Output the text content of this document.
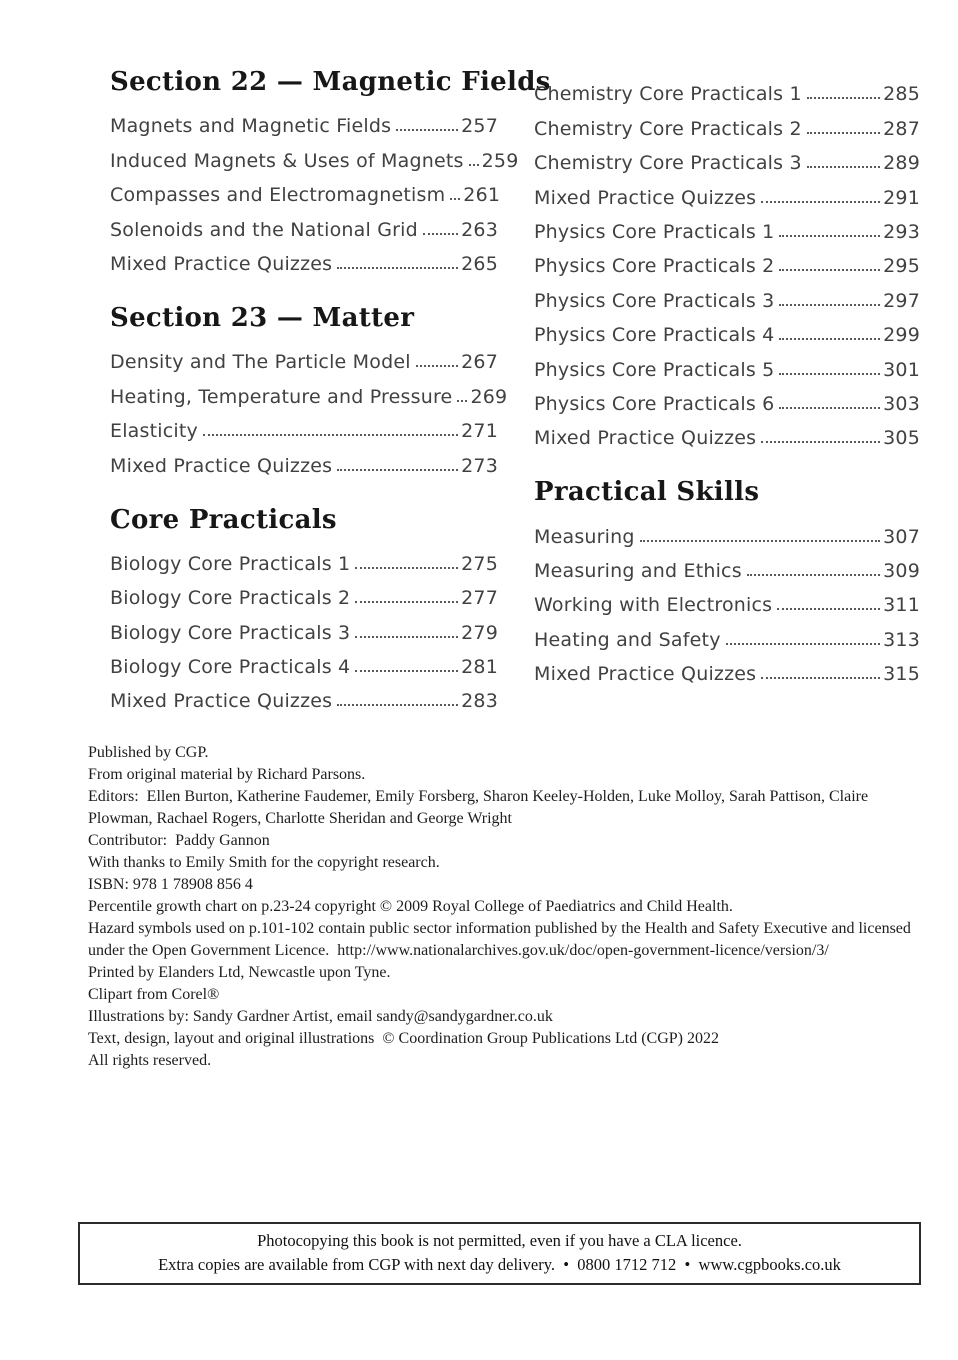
Section 22 — Magnetic Fields
Magnets and Magnetic Fields	257
Induced Magnets & Uses of Magnets 259
Compasses and Electromagnetism 261
Solenoids and the National Grid 263
Mixed Practice Quizzes	265
Section 23 — Matter
Density and The Particle Model	267
Heating, Temperature and Pressure 269
Elasticity	271
Mixed Practice Quizzes	273
Core Practicals
Biology Core Practicals 1	275
Biology Core Practicals 2	277
Biology Core Practicals 3	279
Biology Core Practicals 4	281
Mixed Practice Quizzes	283
Chemistry Core Practicals 1	285
Chemistry Core Practicals 2	287
Chemistry Core Practicals 3	289
Mixed Practice Quizzes	291
Physics Core Practicals 1	293
Physics Core Practicals 2	295
Physics Core Practicals 3	297
Physics Core Practicals 4	299
Physics Core Practicals 5	301
Physics Core Practicals 6	303
Mixed Practice Quizzes	305
Practical Skills
Measuring	307
Measuring and Ethics	309
Working with Electronics	311
Heating and Safety	313
Mixed Practice Quizzes	315

Published by CGP.

From original material by Richard Parsons.

Editors:  Ellen Burton, Katherine Faudemer, Emily Forsberg, Sharon Keeley-Holden, Luke Molloy, Sarah Pattison, Claire Plowman, Rachael Rogers, Charlotte Sheridan and George Wright

Contributor:  Paddy Gannon

With thanks to Emily Smith for the copyright research.

ISBN: 978 1 78908 856 4

Percentile growth chart on p.23-24 copyright © 2009 Royal College of Paediatrics and Child Health.

Hazard symbols used on p.101-102 contain public sector information published by the Health and Safety Executive and licensed under the Open Government Licence.  http://www.nationalarchives.gov.uk/doc/open-government-licence/version/3/

Printed by Elanders Ltd, Newcastle upon Tyne.

Clipart from Corel®

Illustrations by: Sandy Gardner Artist, email sandy@sandygardner.co.uk

Text, design, layout and original illustrations  © Coordination Group Publications Ltd (CGP) 2022

All rights reserved.

Photocopying this book is not permitted, even if you have a CLA licence.
Extra copies are available from CGP with next day delivery.  •  0800 1712 712  •  www.cgpbooks.co.uk
